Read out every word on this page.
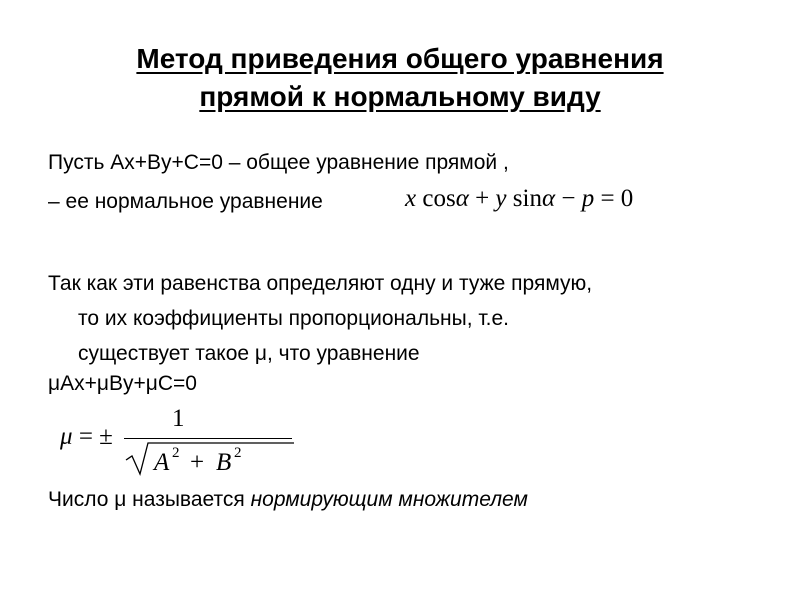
Метод приведения общего уравнения
прямой к нормальному виду
Пусть Ax+By+C=0 – общее уравнение прямой ,
– ее нормальное уравнение	x cosα + y sinα − p = 0
Так как эти равенства определяют одну и туже прямую,
то их коэффициенты пропорциональны, т.е.
существует такое μ, что уравнение
μAx+μBy+μC=0
μ = ±
1
A 2 + B 2
Число μ называется нормирующим множителем
